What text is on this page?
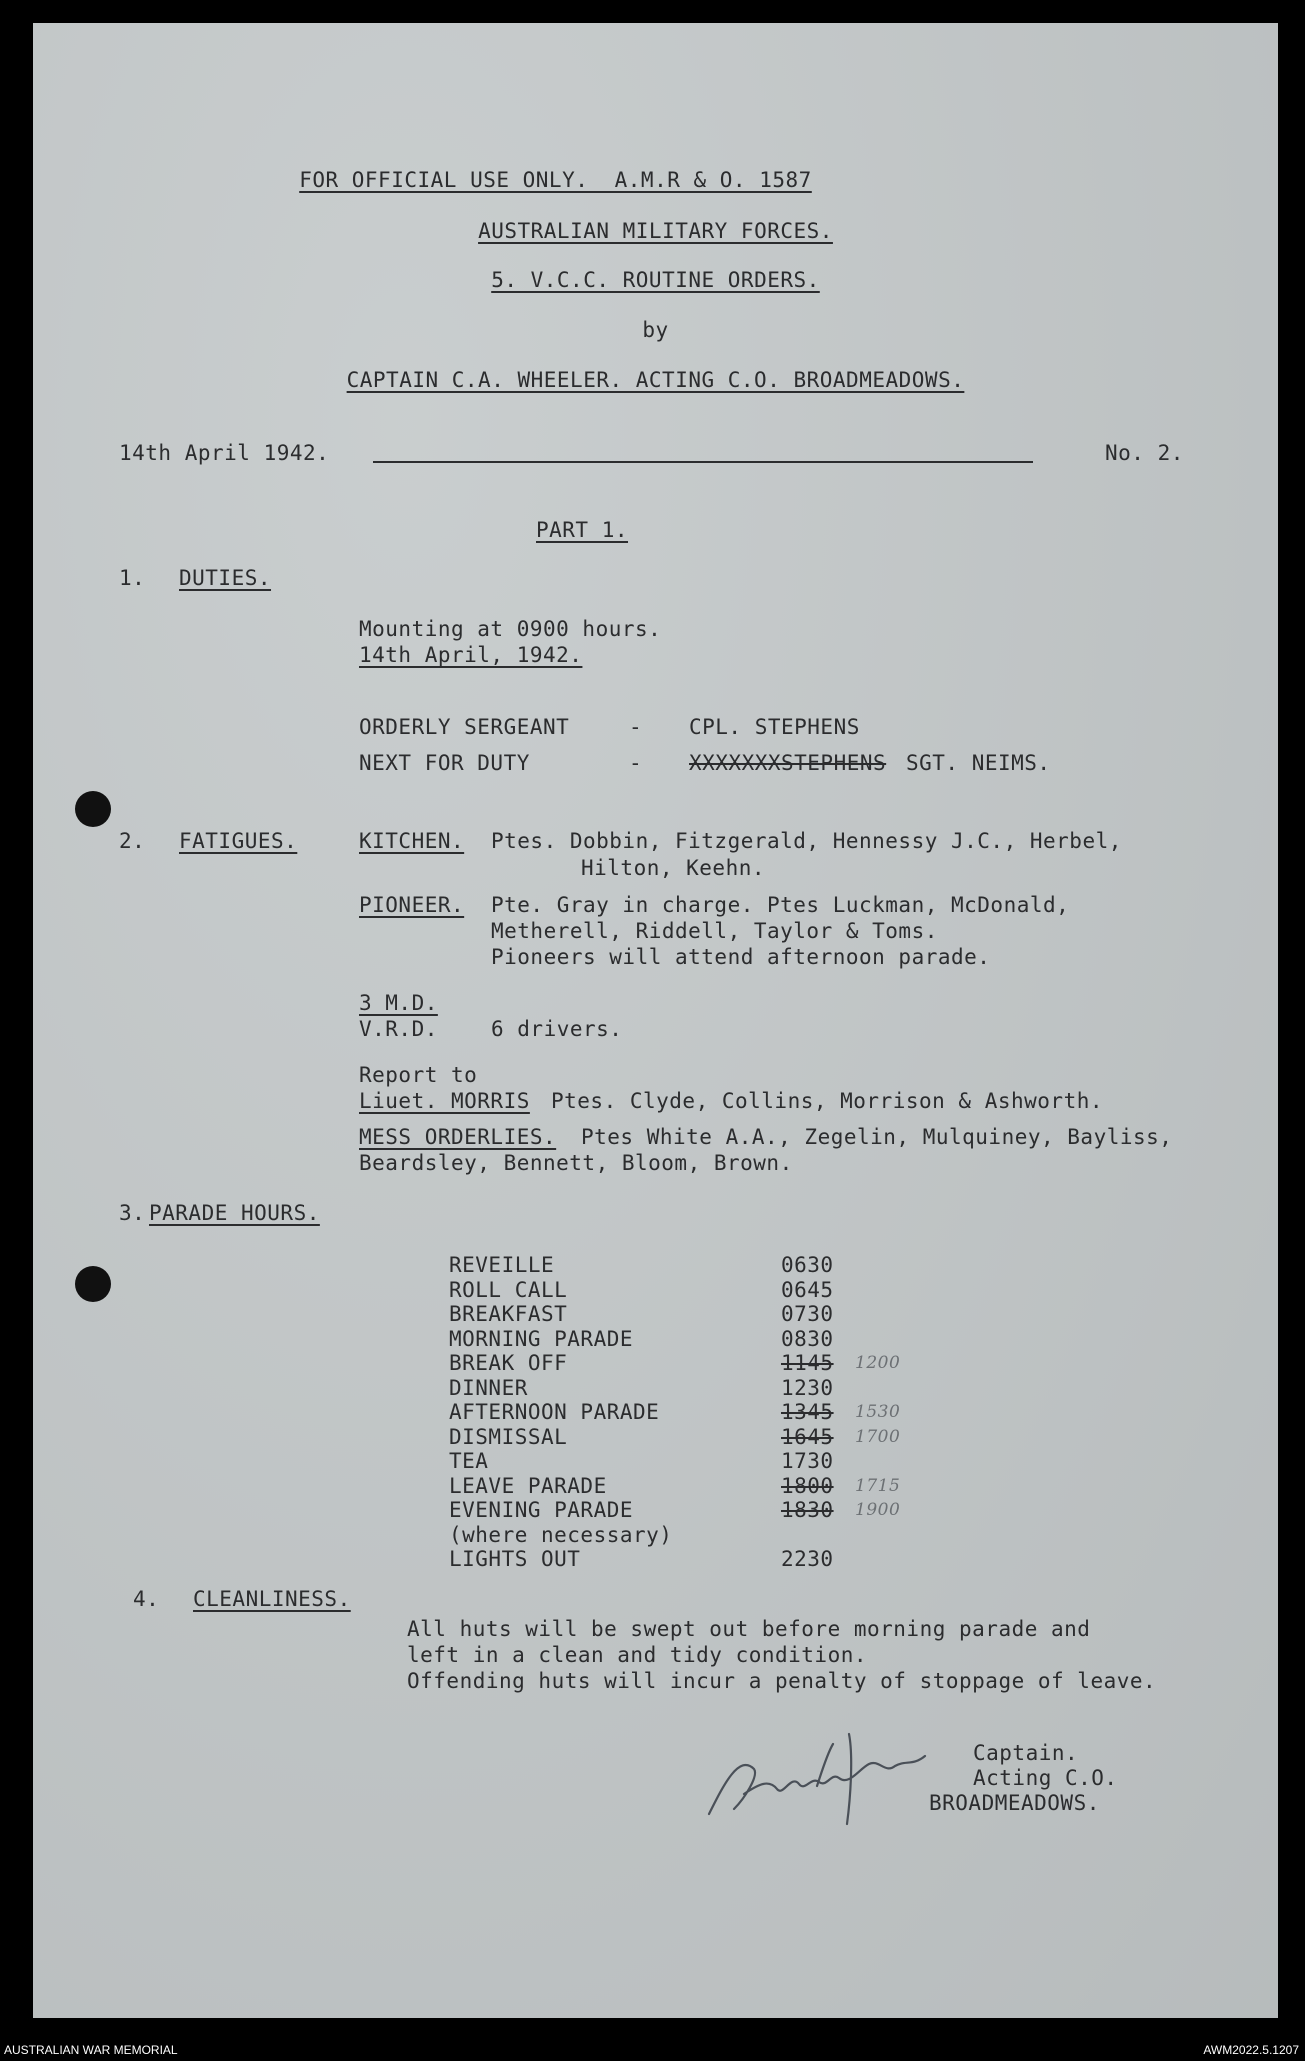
FOR OFFICIAL USE ONLY.  A.M.R & O. 1587
AUSTRALIAN MILITARY FORCES.
5. V.C.C. ROUTINE ORDERS.
by
CAPTAIN C.A. WHEELER. ACTING C.O. BROADMEADOWS.
14th April 1942.	No. 2.
PART 1.
1. DUTIES.
Mounting at 0900 hours.
14th April, 1942.
ORDERLY SERGEANT	- CPL. STEPHENS
NEXT FOR DUTY	- XXXXXXXSTEPHENS SGT. NEIMS.
2. FATIGUES.	KITCHEN. Ptes. Dobbin, Fitzgerald, Hennessy J.C., Herbel,
Hilton, Keehn.
PIONEER. Pte. Gray in charge. Ptes Luckman, McDonald,
Metherell, Riddell, Taylor & Toms.
Pioneers will attend afternoon parade.
3 M.D.
V.R.D.	6 drivers.
Report to
Liuet. MORRIS Ptes. Clyde, Collins, Morrison & Ashworth.
MESS ORDERLIES. Ptes White A.A., Zegelin, Mulquiney, Bayliss,
Beardsley, Bennett, Bloom, Brown.
3. PARADE HOURS.
REVEILLE	0630
ROLL CALL	0645
BREAKFAST	0730
MORNING PARADE	0830
BREAK OFF	1145 1200
DINNER	1230
AFTERNOON PARADE	1345 1530
DISMISSAL	1645 1700
TEA	1730
LEAVE PARADE	1800 1715
EVENING PARADE	1830 1900
(where necessary)
LIGHTS OUT	2230
4. CLEANLINESS.
All huts will be swept out before morning parade and
left in a clean and tidy condition.
Offending huts will incur a penalty of stoppage of leave.
Captain.
Acting C.O.
BROADMEADOWS.
AUSTRALIAN WAR MEMORIAL	AWM2022.5.1207
